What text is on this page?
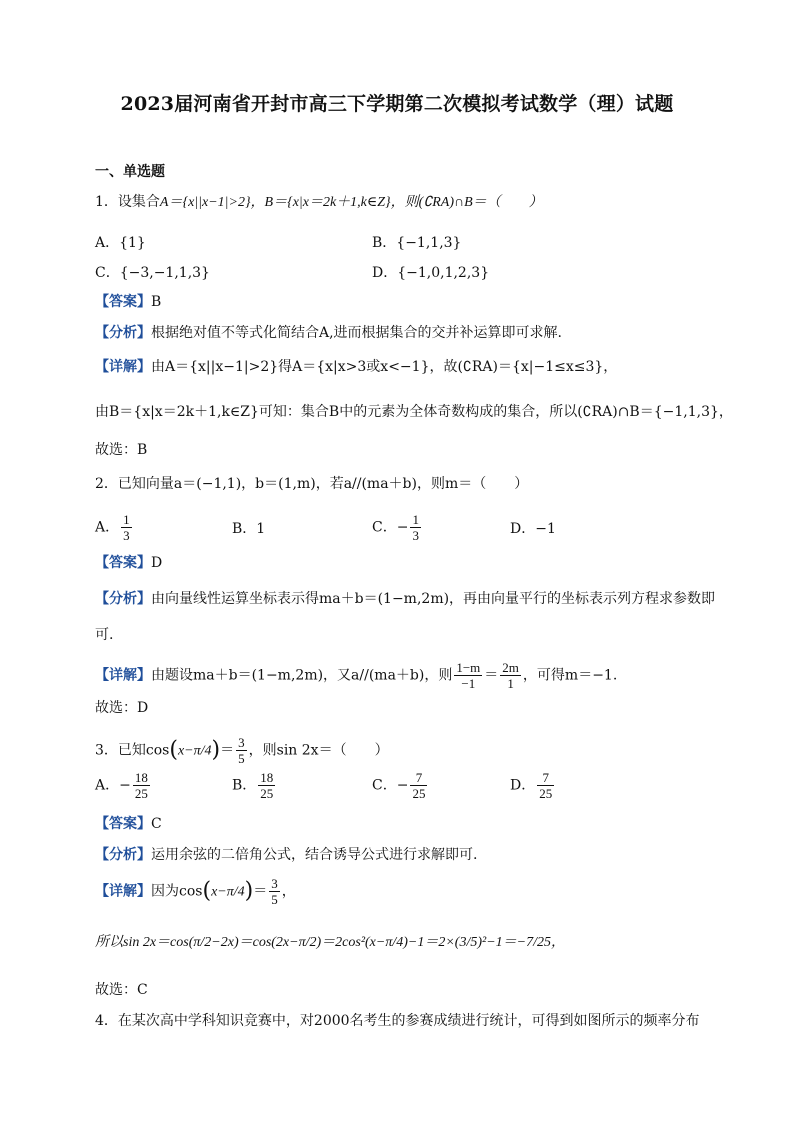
2023届河南省开封市高三下学期第二次模拟考试数学（理）试题
一、单选题
1．设集合A＝{x||x−1|>2}，B＝{x|x＝2k＋1,k∈Z}，则(∁RA)∩B＝（　　）
A．{1}	B．{−1,1,3}
C．{−3,−1,1,3}	D．{−1,0,1,2,3}
【答案】B
【分析】根据绝对值不等式化简结合A,进而根据集合的交并补运算即可求解.
【详解】由A＝{x||x−1|>2}得A＝{x|x>3或x<−1}，故(∁RA)＝{x|−1≤x≤3}，
由B＝{x|x＝2k＋1,k∈Z}可知：集合B中的元素为全体奇数构成的集合，所以(∁RA)∩B＝{−1,1,3}，
故选：B
2．已知向量a＝(−1,1)，b＝(1,m)，若a//(ma＋b)，则m＝（　　）
A． $\frac{1}{3}$	B．1	C．− $\frac{1}{3}$	D．−1
【答案】D
【分析】由向量线性运算坐标表示得ma＋b＝(1−m,2m)，再由向量平行的坐标表示列方程求参数即
可.
【详解】由题设ma＋b＝(1−m,2m)，又a//(ma＋b)，则 $\frac{1-m}{-1} = \frac{2m}{1}$ ，可得m＝−1.
故选：D
3．已知$\cos(x-\pi/4)= \frac{3}{5}$ ，则sin 2x＝（　　）
A．− $\frac{18}{25}$	B． $\frac{18}{25}$	C．− $\frac{7}{25}$	D． $\frac{7}{25}$
【答案】C
【分析】运用余弦的二倍角公式，结合诱导公式进行求解即可.
【详解】因为$\cos(x-\pi/4)= \frac{3}{5}$ ，
所以sin 2x＝cos(π/2−2x)＝cos(2x−π/2)＝2cos²(x−π/4)−1＝2×(3/5)²−1＝−7/25，
故选：C
4．在某次高中学科知识竞赛中，对2000名考生的参赛成绩进行统计，可得到如图所示的频率分布
